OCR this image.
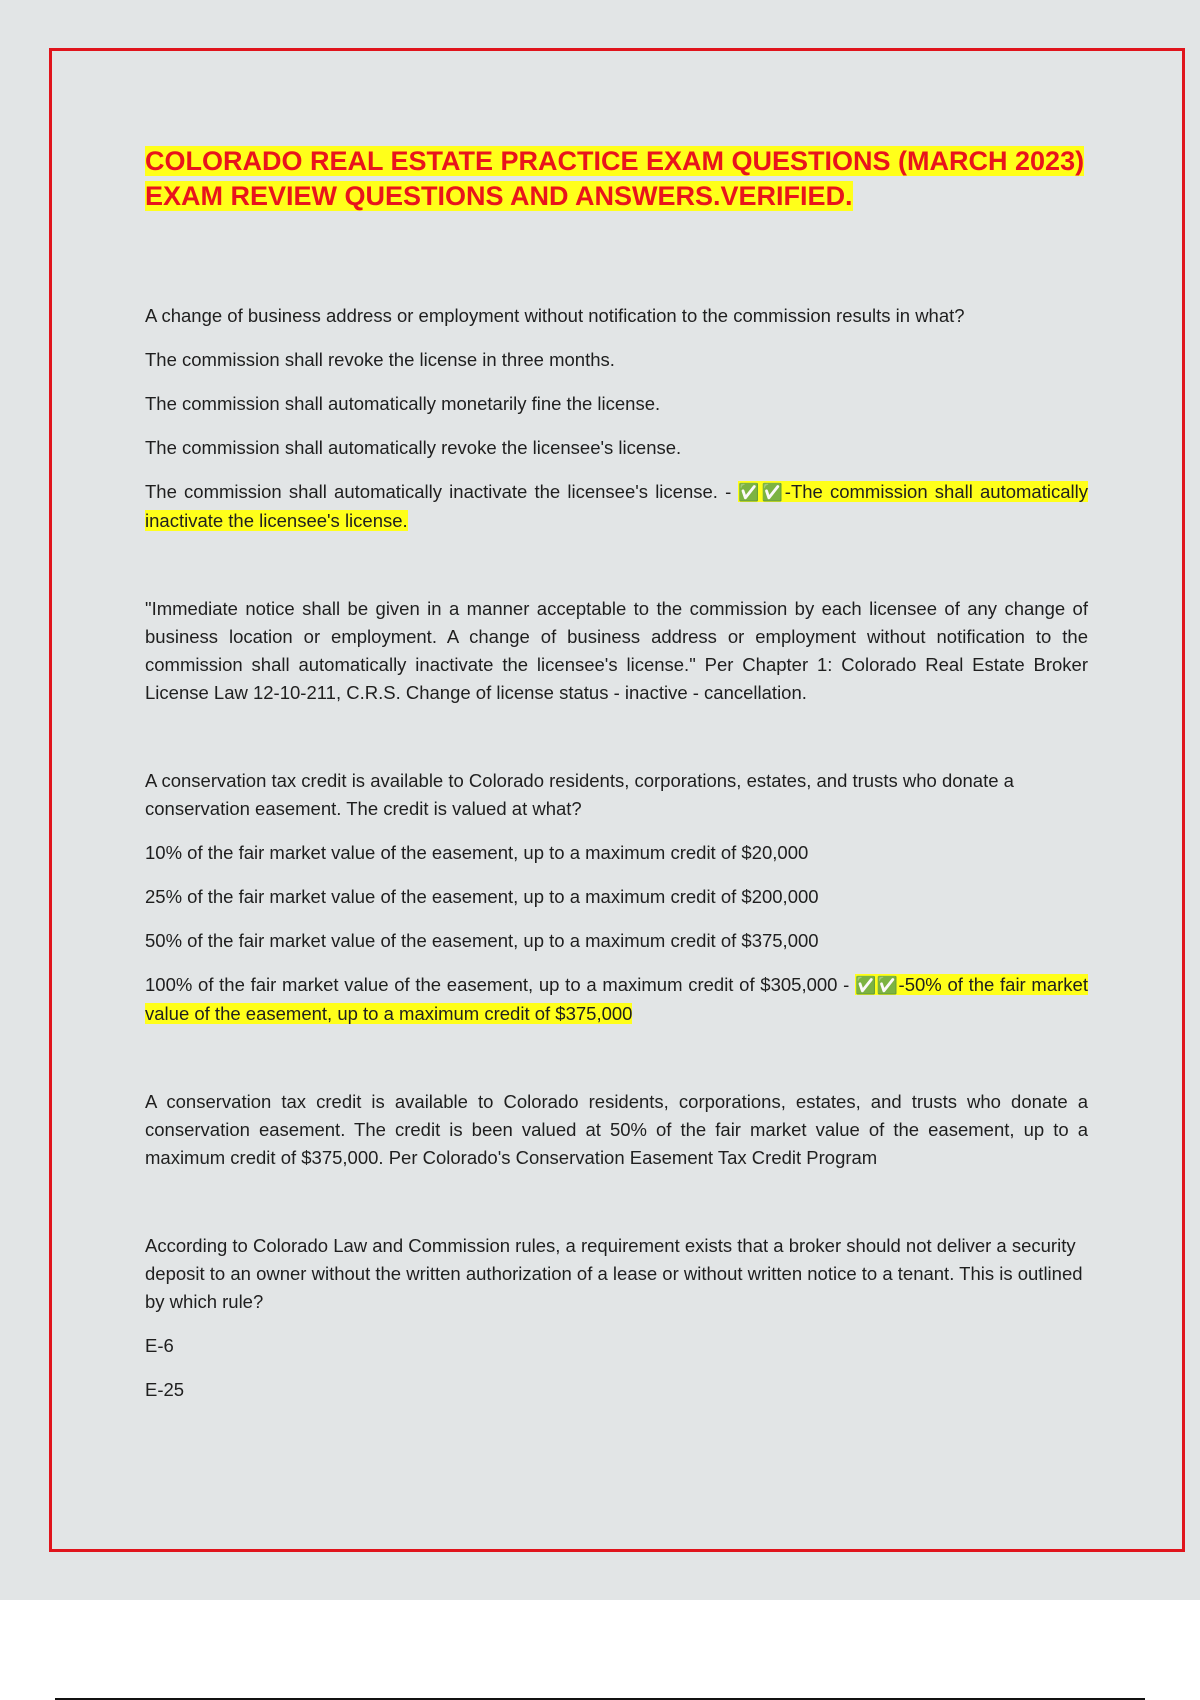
COLORADO REAL ESTATE PRACTICE EXAM QUESTIONS (MARCH 2023) EXAM REVIEW QUESTIONS AND ANSWERS.VERIFIED.

A change of business address or employment without notification to the commission results in what?

The commission shall revoke the license in three months.

The commission shall automatically monetarily fine the license.

The commission shall automatically revoke the licensee's license.

The commission shall automatically inactivate the licensee's license. - ✅✅-The commission shall automatically inactivate the licensee's license.

"Immediate notice shall be given in a manner acceptable to the commission by each licensee of any change of business location or employment. A change of business address or employment without notification to the commission shall automatically inactivate the licensee's license." Per Chapter 1: Colorado Real Estate Broker License Law 12-10-211, C.R.S. Change of license status - inactive - cancellation.

A conservation tax credit is available to Colorado residents, corporations, estates, and trusts who donate a conservation easement. The credit is valued at what?

10% of the fair market value of the easement, up to a maximum credit of $20,000

25% of the fair market value of the easement, up to a maximum credit of $200,000

50% of the fair market value of the easement, up to a maximum credit of $375,000

100% of the fair market value of the easement, up to a maximum credit of $305,000 - ✅✅-50% of the fair market value of the easement, up to a maximum credit of $375,000

A conservation tax credit is available to Colorado residents, corporations, estates, and trusts who donate a conservation easement. The credit is been valued at 50% of the fair market value of the easement, up to a maximum credit of $375,000. Per Colorado's Conservation Easement Tax Credit Program

According to Colorado Law and Commission rules, a requirement exists that a broker should not deliver a security deposit to an owner without the written authorization of a lease or without written notice to a tenant. This is outlined by which rule?

E-6

E-25
